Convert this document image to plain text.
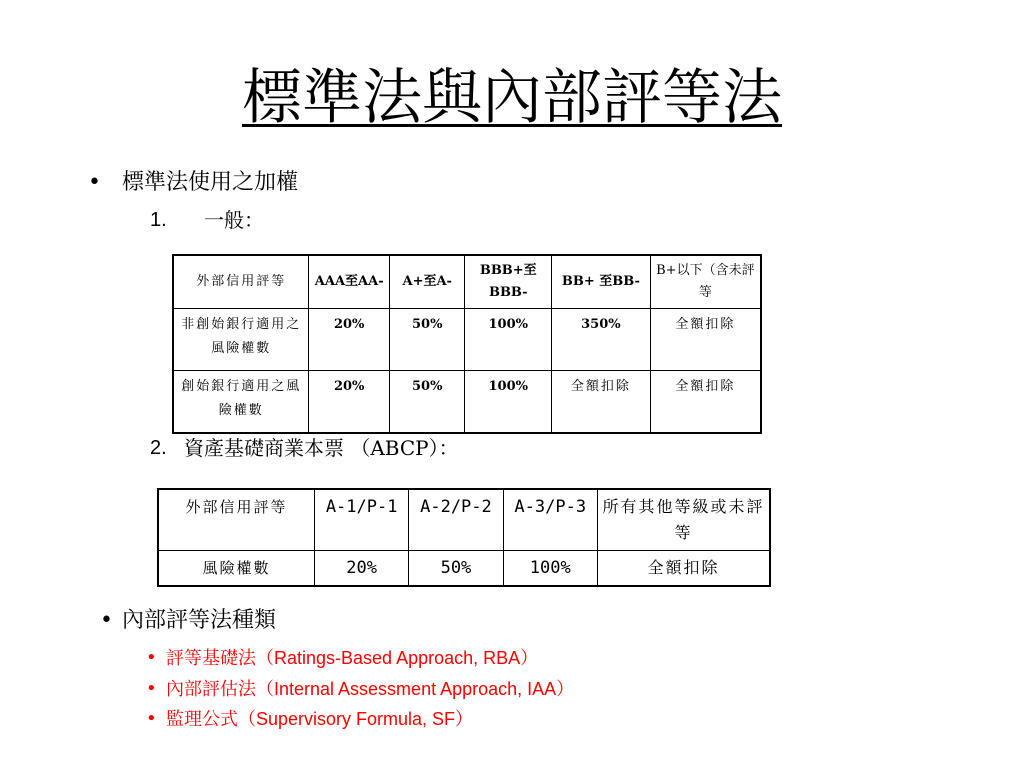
標準法與內部評等法
• 標準法使用之加權
1.	一般：
外部信用評等	AAA至AA-	A+至A-	BBB+至BBB-	BB+ 至BB-	B+以下（含未評等
非創始銀行適用之風險權數	20%	50%	100%	350%	全額扣除
創始銀行適用之風險權數	20%	50%	100%	全額扣除	全額扣除
2. 資產基礎商業本票 （ABCP）：
外部信用評等	A-1/P-1	A-2/P-2	A-3/P-3	所有其他等級或未評等
風險權數	20%	50%	100%	全額扣除
• 內部評等法種類
• 評等基礎法（Ratings-Based Approach, RBA）
• 內部評估法（Internal Assessment Approach, IAA）
• 監理公式（Supervisory Formula, SF）
